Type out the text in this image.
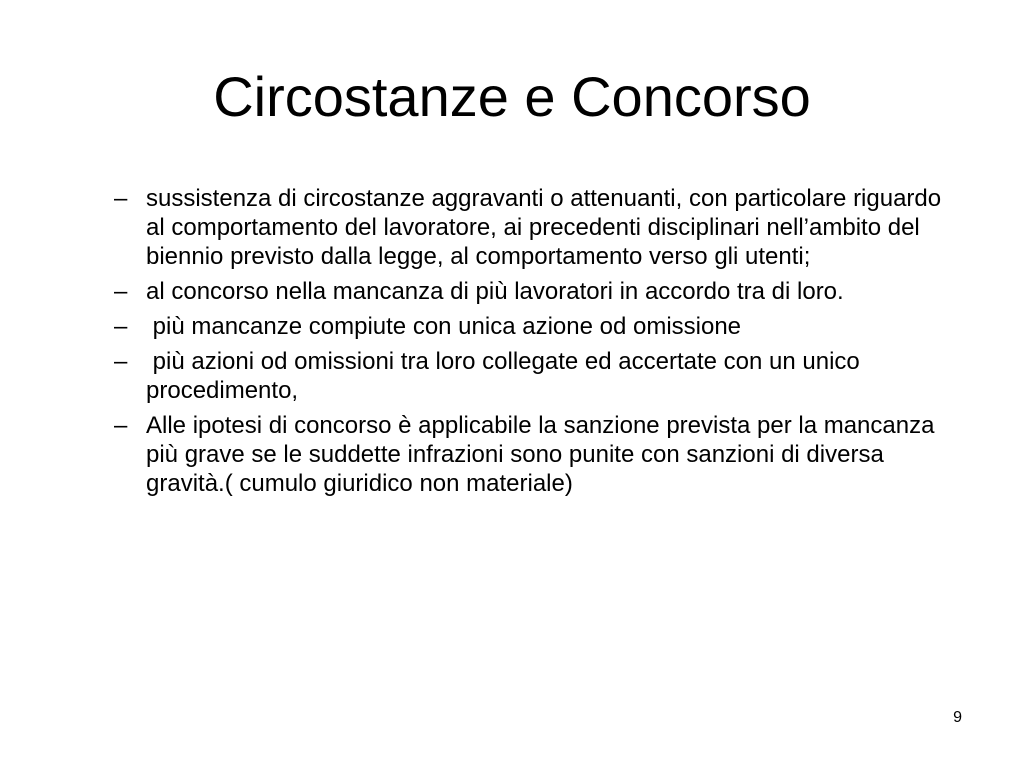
Circostanze e Concorso
– sussistenza di circostanze aggravanti o attenuanti, con particolare riguardo al comportamento del lavoratore, ai precedenti disciplinari nell’ambito del biennio previsto dalla legge, al comportamento verso gli utenti;
– al concorso nella mancanza di più lavoratori in accordo tra di loro.
– più mancanze compiute con unica azione od omissione
– più azioni od omissioni tra loro collegate ed accertate con un unico procedimento,
– Alle ipotesi di concorso è applicabile la sanzione prevista per la mancanza più grave se le suddette infrazioni sono punite con sanzioni di diversa gravità.( cumulo giuridico non materiale)
9
